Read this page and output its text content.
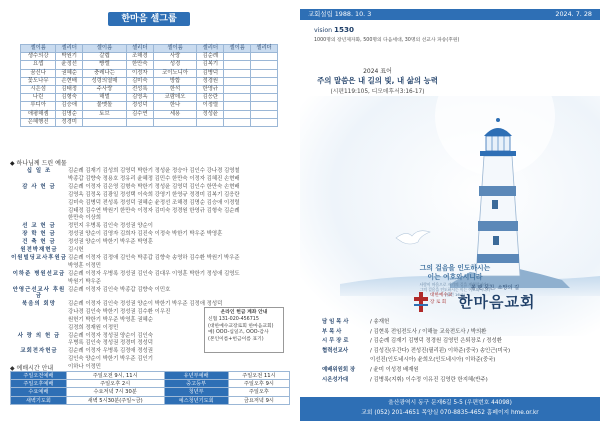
한마음 셀그룹
셀이름	셀리더	셀이름	셀리더	셀이름	셀리더	셀이름	셀리더
생수의강	박원기	갈렙	조해경	사랑	김순례		
요셉	윤정선	빵렐	한만숙	성경	김복기		
꿈신나	권혜순	충레나는	이정자	코이노니아	김병덕		
꽃도나무	손현배	성령의열매	김미숙	방합	정경원		
시은섬	김태정	주사랑	전성록	한석	한영규		
나린	김형숙	해벌	김영옥	코람데오	김응란		
루디아	김승애	물맷돌	정성덕	한나	이정렬		
애평해셈	김명순	토브	김수연	세용	정성윤		
은혜행진	정경미						
◆ 하나님께 드린 예물
십 일 조	김순례 김재기 김성희 김영덕 박한기 정성윤 정승아 김인수 강나경 김영철
박종갑 김향숙 정용호 정유리 윤혜정 김민수 한만숙 이정자 김혜진 손현배
감 사 헌 금	김순례 이정자 김은영 김형숙 박한기 정성윤 김영덕 김인수 한만숙 손현배
김영옥 김정옥 김광일 정성택 이숙희 강영기 한영규 정경미 김복기 김응란
김미숙 김병덕 전성록 정성덕 권혜순 윤정선 조해경 김명순 김승애 이정렬
김태정 김수연 박원기 한만숙 이정자 김미숙 정경원 한영규 김형숙 김순례
한만숙 이상희
선 교 헌 금	정민지 우병록 김인숙 정성권 양순이
장 학 헌 금	정성권 양순이 김영자 김희자 김진숙 이정숙 박한기 박우준 박영훈
건 축 헌 금	정성권 양순이 박한기 박우준 박영훈
원전박재현금	김시헌
이원빌딩교사후원금 김순례 이정자 김정애 김인숙 박종갑 김향숙 송영하 김수환 박원기 박우준
박영훈 이정민
이하준 병원선교금 김순례 이정자 우병록 정성권 김인숙 김대우 이영훈 박한기 정성애 김영도
박원기 박우준
안영근선교사 후원금
김순례 이정자 김인숙 박종갑 김향숙 이민호
북음의 회망	김순례 이정자 김인숙 정성권 양순이 박한기 박우준 김정애 정성덕
강나경 김인숙 박한기 정성권 김수환 이우진
원헌기 박한기 박우준 박영훈 권혜순
김정희 정재원 이정민
사 랑 의 헌 금	김순례 이정자 정성권 양순이 김인숙
우병록 김인숙 정성권 정경미 정성덕
교회전자헌금	김순례 이정자 우병록 김정애 정성권
김인숙 양순이 박한기 박우준 김인기
이하나 이정민
온라인 헌금 계좌 안내
신협 131-020-456715
(대한예수교장로회 한마음교회)
예) OOO-십일조, OOO-감사
(본인이름+헌금이름 표기)
◆ 예배시간 안내
주일오전예배	주일오전 9시, 11시	유년부예배	주일오전 11시
주일오후예배	주일오후 2시	중고등부	주일오후 9시
수요예배	수요저녁 7시 30분	청년부	주일오후
새벽기도회	새벽 5시30분(주일~금)	예스청년기도회	금요저녁 9시
교회설립 1988. 10. 3	2024. 7. 28
vision 1530
1000명의 장년제자화, 500명의 다음세대, 30명의 선교사 파송(후원)
2024 표어
주의 말씀은 내 길의 빛, 내 삶의 능력
(시편119:105, 디모데후서3:16-17)
그의 걸음을 인도하시는
이는 여호와시니라
사람이 마음으로 자기의 길을 계획할지라도
그의 걸음을 인도하시는 이는 여호와시니라
(잠언 16:9)
볼 땐 뭉친, 소망의 길
대한예수교
장 로 회 한마음교회
담 임 목 사	/ 송재헌
부 목 사	/ 김현록 전임전도사 / 이해늘 교육전도사 / 박의환
시 무 장 로	/ 김순례 김재기 김병덕 정경원 김영민 은퇴장로 / 정성환
협력선교사	/ 김성진(우간다) 전성진(필리핀) 이하준(중국) 송인근(미국)
이선진(인도네시아) 윤희오(인도네시아) 이하준(중국)
예배위원회 장	/ 윤미 이성경 배재원
시온성가대	/ 김병록(지휘) 이수정 이유진 김영란 한지혜(반주)
울산광역시 동구 문재6길 5-5 (우편번호 44098)
교회 (052) 201-4651 목양실 070-8835-4652 홈페이지 hme.or.kr
